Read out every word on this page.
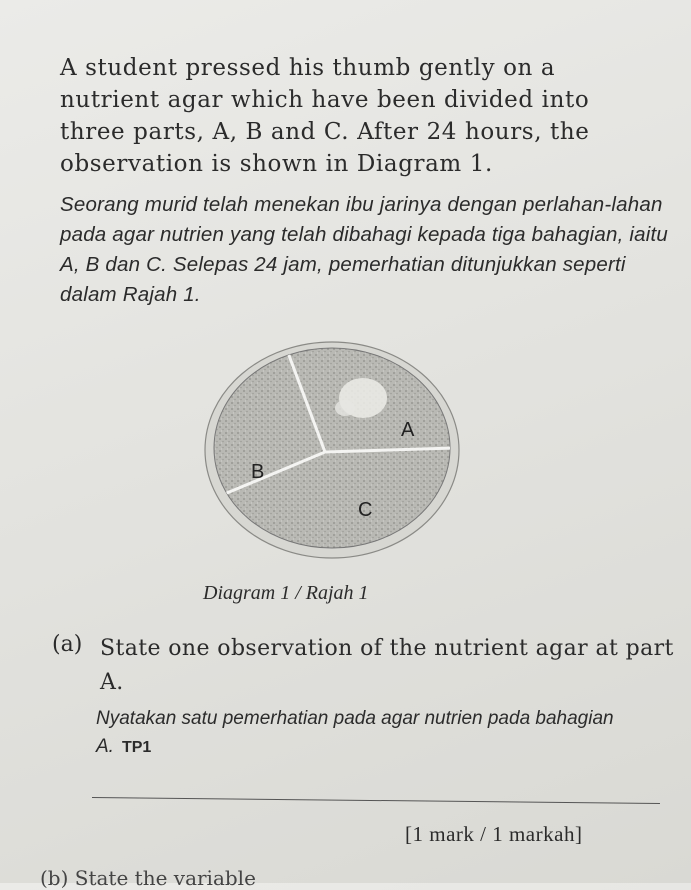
A student pressed his thumb gently on a nutrient agar which have been divided into three parts, A, B and C. After 24 hours, the observation is shown in Diagram 1.

Seorang murid telah menekan ibu jarinya dengan perlahan-lahan pada agar nutrien yang telah dibahagi kepada tiga bahagian, iaitu A, B dan C. Selepas 24 jam, pemerhatian ditunjukkan seperti dalam Rajah 1.

A
B
C
Diagram 1 / Rajah 1
(a) State one observation of the nutrient agar at part A.

Nyatakan satu pemerhatian pada agar nutrien pada bahagian A. TP1

[1 mark / 1 markah]
(b) State the variable
